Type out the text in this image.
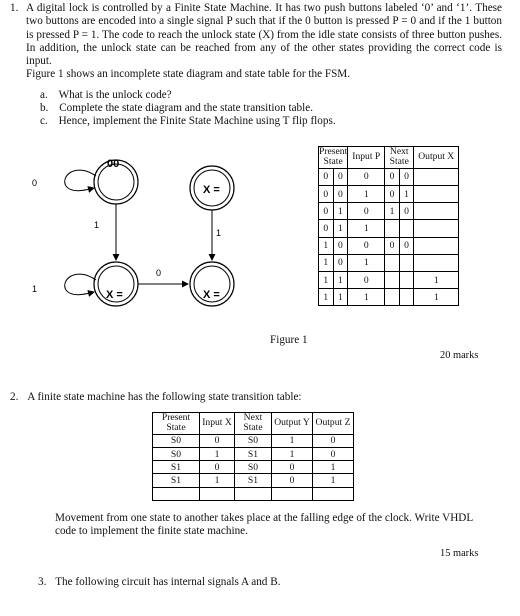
1. A digital lock is controlled by a Finite State Machine. It has two push buttons labeled ‘0’ and ‘1’. These two buttons are encoded into a single signal P such that if the 0 button is pressed P = 0 and if the 1 button is pressed P = 1. The code to reach the unlock state (X) from the idle state consists of three button pushes. In addition, the unlock state can be reached from any of the other states providing the correct code is input.
Figure 1 shows an incomplete state diagram and state table for the FSM.
a. What is the unlock code?
b. Complete the state diagram and the state transition table.
c. Hence, implement the Finite State Machine using T flip flops.
00
X =
X =	X =
0
1
1
1
0
Present State		Input P	Next State		Output X
0	0	0	0	0	
0	0	1	0	1	
0	1	0	1	0	
0	1	1			
1	0	0	0	0	
1	0	1			
1	1	0			1
1	1	1			1
Figure 1
20 marks
2. A finite state machine has the following state transition table:
Present State	Input X	Next State	Output Y	Output Z
S0	0	S0	1	0
S0	1	S1	1	0
S1	0	S0	0	1
S1	1	S1	0	1

Movement from one state to another takes place at the falling edge of the clock. Write VHDL code to implement the finite state machine.
15 marks
3. The following circuit has internal signals A and B.
